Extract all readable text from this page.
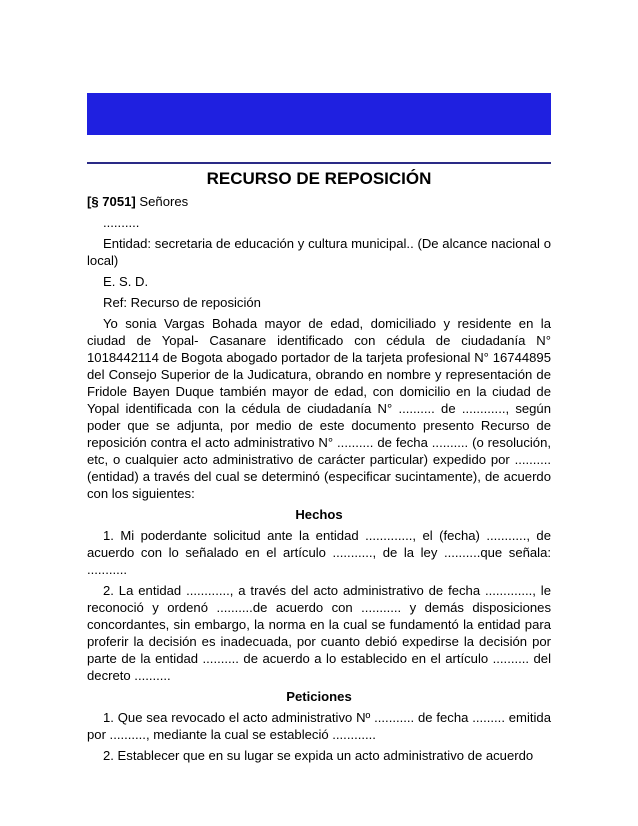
RECURSO DE REPOSICIÓN

[§ 7051] Señores

..........

Entidad: secretaria de educación y cultura municipal.. (De alcance nacional o local)

E. S. D.

Ref: Recurso de reposición

Yo sonia Vargas Bohada mayor de edad, domiciliado y residente en la ciudad de Yopal- Casanare identificado con cédula de ciudadanía N° 1018442114 de Bogota abogado portador de la tarjeta profesional N° 16744895 del Consejo Superior de la Judicatura, obrando en nombre y representación de Fridole Bayen Duque también mayor de edad, con domicilio en la ciudad de Yopal identificada con la cédula de ciudadanía N° .......... de ............, según poder que se adjunta, por medio de este documento presento Recurso de reposición contra el acto administrativo N° .......... de fecha .......... (o resolución, etc, o cualquier acto administrativo de carácter particular) expedido por .......... (entidad) a través del cual se determinó (especificar sucintamente), de acuerdo con los siguientes:

Hechos

1. Mi poderdante solicitud ante la entidad ............., el (fecha) ..........., de acuerdo con lo señalado en el artículo ..........., de la ley ..........que señala: ...........

2. La entidad ............, a través del acto administrativo de fecha ............., le reconoció y ordenó ..........de acuerdo con ........... y demás disposiciones concordantes, sin embargo, la norma en la cual se fundamentó la entidad para proferir la decisión es inadecuada, por cuanto debió expedirse la decisión por parte de la entidad .......... de acuerdo a lo establecido en el artículo .......... del decreto ..........

Peticiones

1. Que sea revocado el acto administrativo Nº ........... de fecha ......... emitida por .........., mediante la cual se estableció ............

2. Establecer que en su lugar se expida un acto administrativo de acuerdo
